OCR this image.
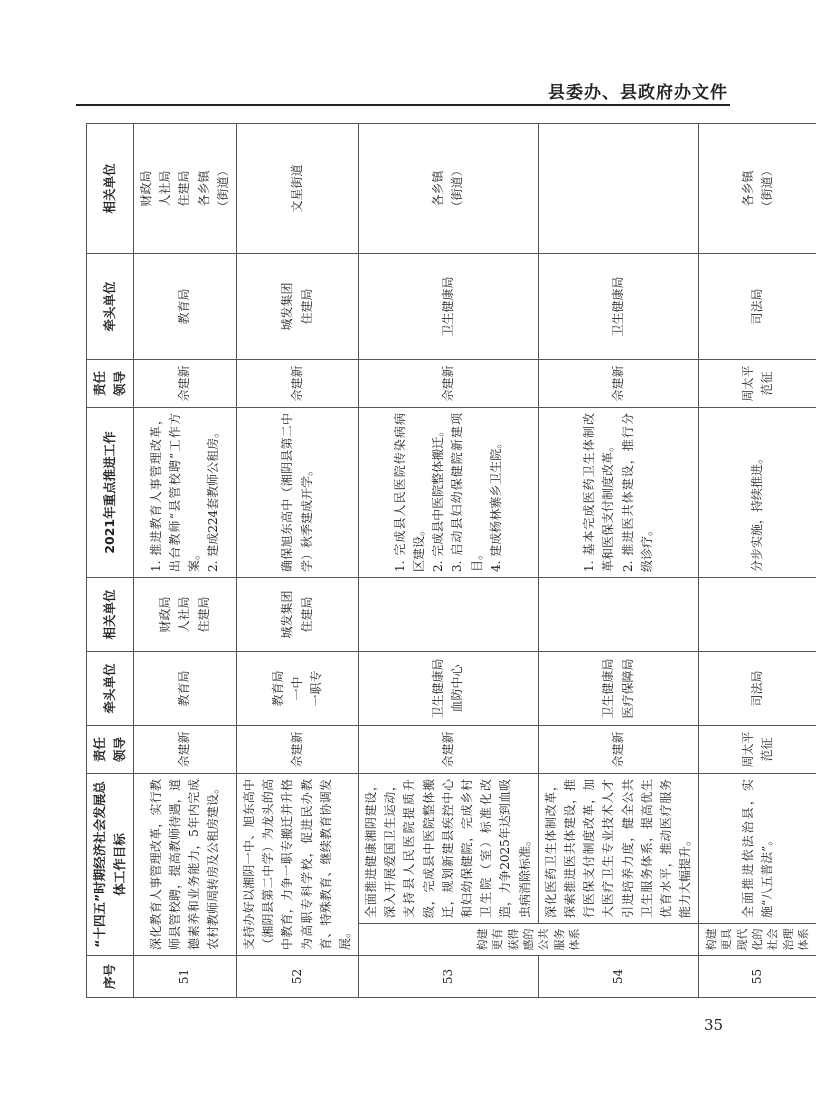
县委办、县政府办文件
序号	“十四五”时期经济社会发展总体工作目标		责任领导	牵头单位	相关单位	2021年重点推进工作	责任领导	牵头单位	相关单位
51	深化教育人事管理改革，实行教师县管校聘，提高教师待遇，道德素养和业务能力，5年内完成农村教师周转房及公租房建设。		佘建新	教育局	财政局
人社局
住建局	1. 推进教育人事管理改革，出台教师“县管校聘”工作方案。 2. 建成224套教师公租房。	佘建新	教育局	财政局
人社局
住建局
各乡镇
（街道）
52	支持办好以湘阴一中、旭东高中（湘阴县第二中学）为龙头的高中教育，力争一职专搬迁并升格为高职专科学校，促进民办教育、特殊教育、继续教育协调发展。		佘建新	教育局
一中
一职专	城发集团
住建局	确保旭东高中（湘阴县第二中学）秋季建成开学。	佘建新	城发集团
住建局	文星街道
53	构建更有获得感的公共服务体系	全面推进健康湘阴建设，深入开展爱国卫生运动，支持县人民医院提质升级，完成县中医院整体搬迁，规划新建县疾控中心和妇幼保健院，完成乡村卫生院（室）标准化改造，力争2025年达到血吸虫病消除标准。	佘建新	卫生健康局
血防中心		1. 完成县人民医院传染病病区建设。 2. 完成县中医院整体搬迁。 3. 启动县妇幼保健院新建项目。 4. 建成杨林寨乡卫生院。	佘建新	卫生健康局	各乡镇
（街道）
54		深化医药卫生体制改革，探索推进医共体建设，推行医保支付制度改革，加大医疗卫生专业技术人才引进培养力度，健全公共卫生服务体系，提高优生优育水平，推动医疗服务能力大幅提升。	佘建新	卫生健康局
医疗保障局		1. 基本完成医药卫生体制改革和医保支付制度改革。 2. 推进医共体建设，推行分级诊疗。	佘建新	卫生健康局	
55	构建更具现代化的社会治理体系	全面推进依法治县，实施“八五普法”。	周太平
范征	司法局		分步实施，持续推进。	周太平
范征	司法局	各乡镇
（街道）
35
